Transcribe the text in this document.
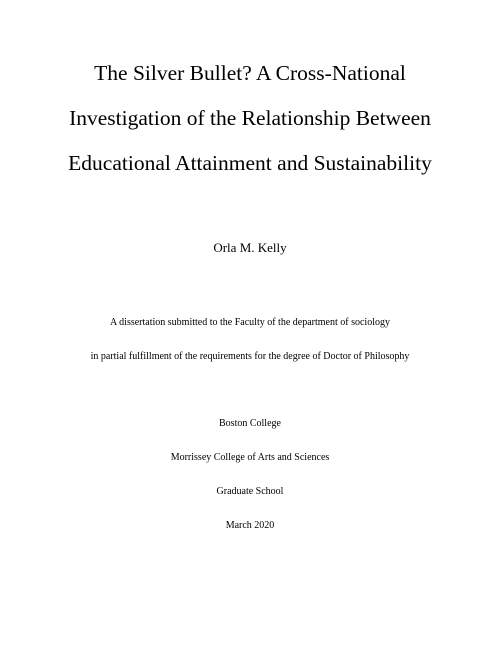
The Silver Bullet? A Cross-National
Investigation of the Relationship Between
Educational Attainment and Sustainability
Orla M. Kelly
A dissertation submitted to the Faculty of the department of sociology
in partial fulfillment of the requirements for the degree of Doctor of Philosophy
Boston College
Morrissey College of Arts and Sciences
Graduate School
March 2020
